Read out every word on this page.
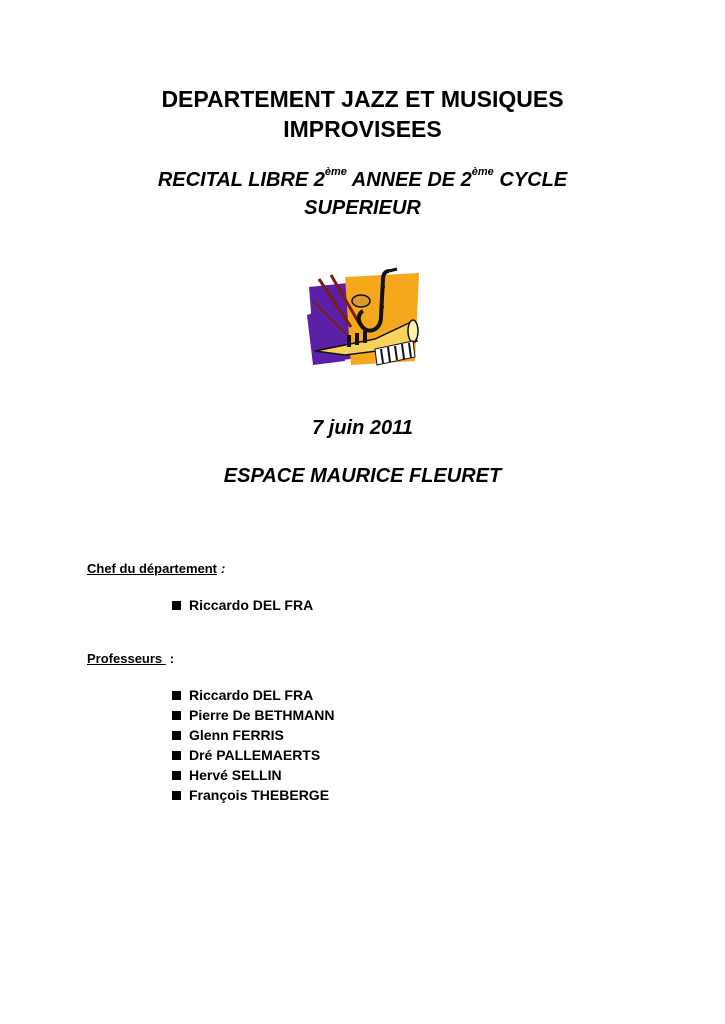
DEPARTEMENT JAZZ ET MUSIQUES
IMPROVISEES
RECITAL LIBRE 2ème ANNEE DE 2ème CYCLE
SUPERIEUR
7 juin 2011
ESPACE MAURICE FLEURET
Chef du département :
Riccardo DEL FRA
Professeurs :
Riccardo DEL FRA
Pierre De BETHMANN
Glenn FERRIS
Dré PALLEMAERTS
Hervé SELLIN
François THEBERGE
